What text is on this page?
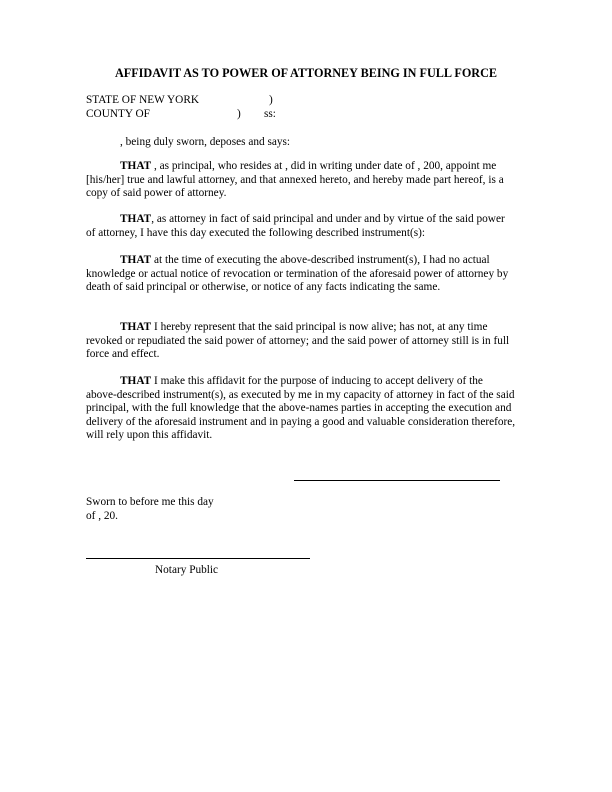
AFFIDAVIT AS TO POWER OF ATTORNEY BEING IN FULL FORCE
STATE OF NEW YORK	)
COUNTY OF	) ss:
, being duly sworn, deposes and says:
THAT , as principal, who resides at , did in writing under date of , 200, appoint me [his/her] true and lawful attorney, and that annexed hereto, and hereby made part hereof, is a copy of said power of attorney.
THAT, as attorney in fact of said principal and under and by virtue of the said power of attorney, I have this day executed the following described instrument(s):
THAT at the time of executing the above-described instrument(s), I had no actual knowledge or actual notice of revocation or termination of the aforesaid power of attorney by death of said principal or otherwise, or notice of any facts indicating the same.
THAT I hereby represent that the said principal is now alive; has not, at any time revoked or repudiated the said power of attorney; and the said power of attorney still is in full force and effect.
THAT I make this affidavit for the purpose of inducing to accept delivery of the above-described instrument(s), as executed by me in my capacity of attorney in fact of the said principal, with the full knowledge that the above-names parties in accepting the execution and delivery of the aforesaid instrument and in paying a good and valuable consideration therefore, will rely upon this affidavit.
Sworn to before me this day
of , 20.
Notary Public
